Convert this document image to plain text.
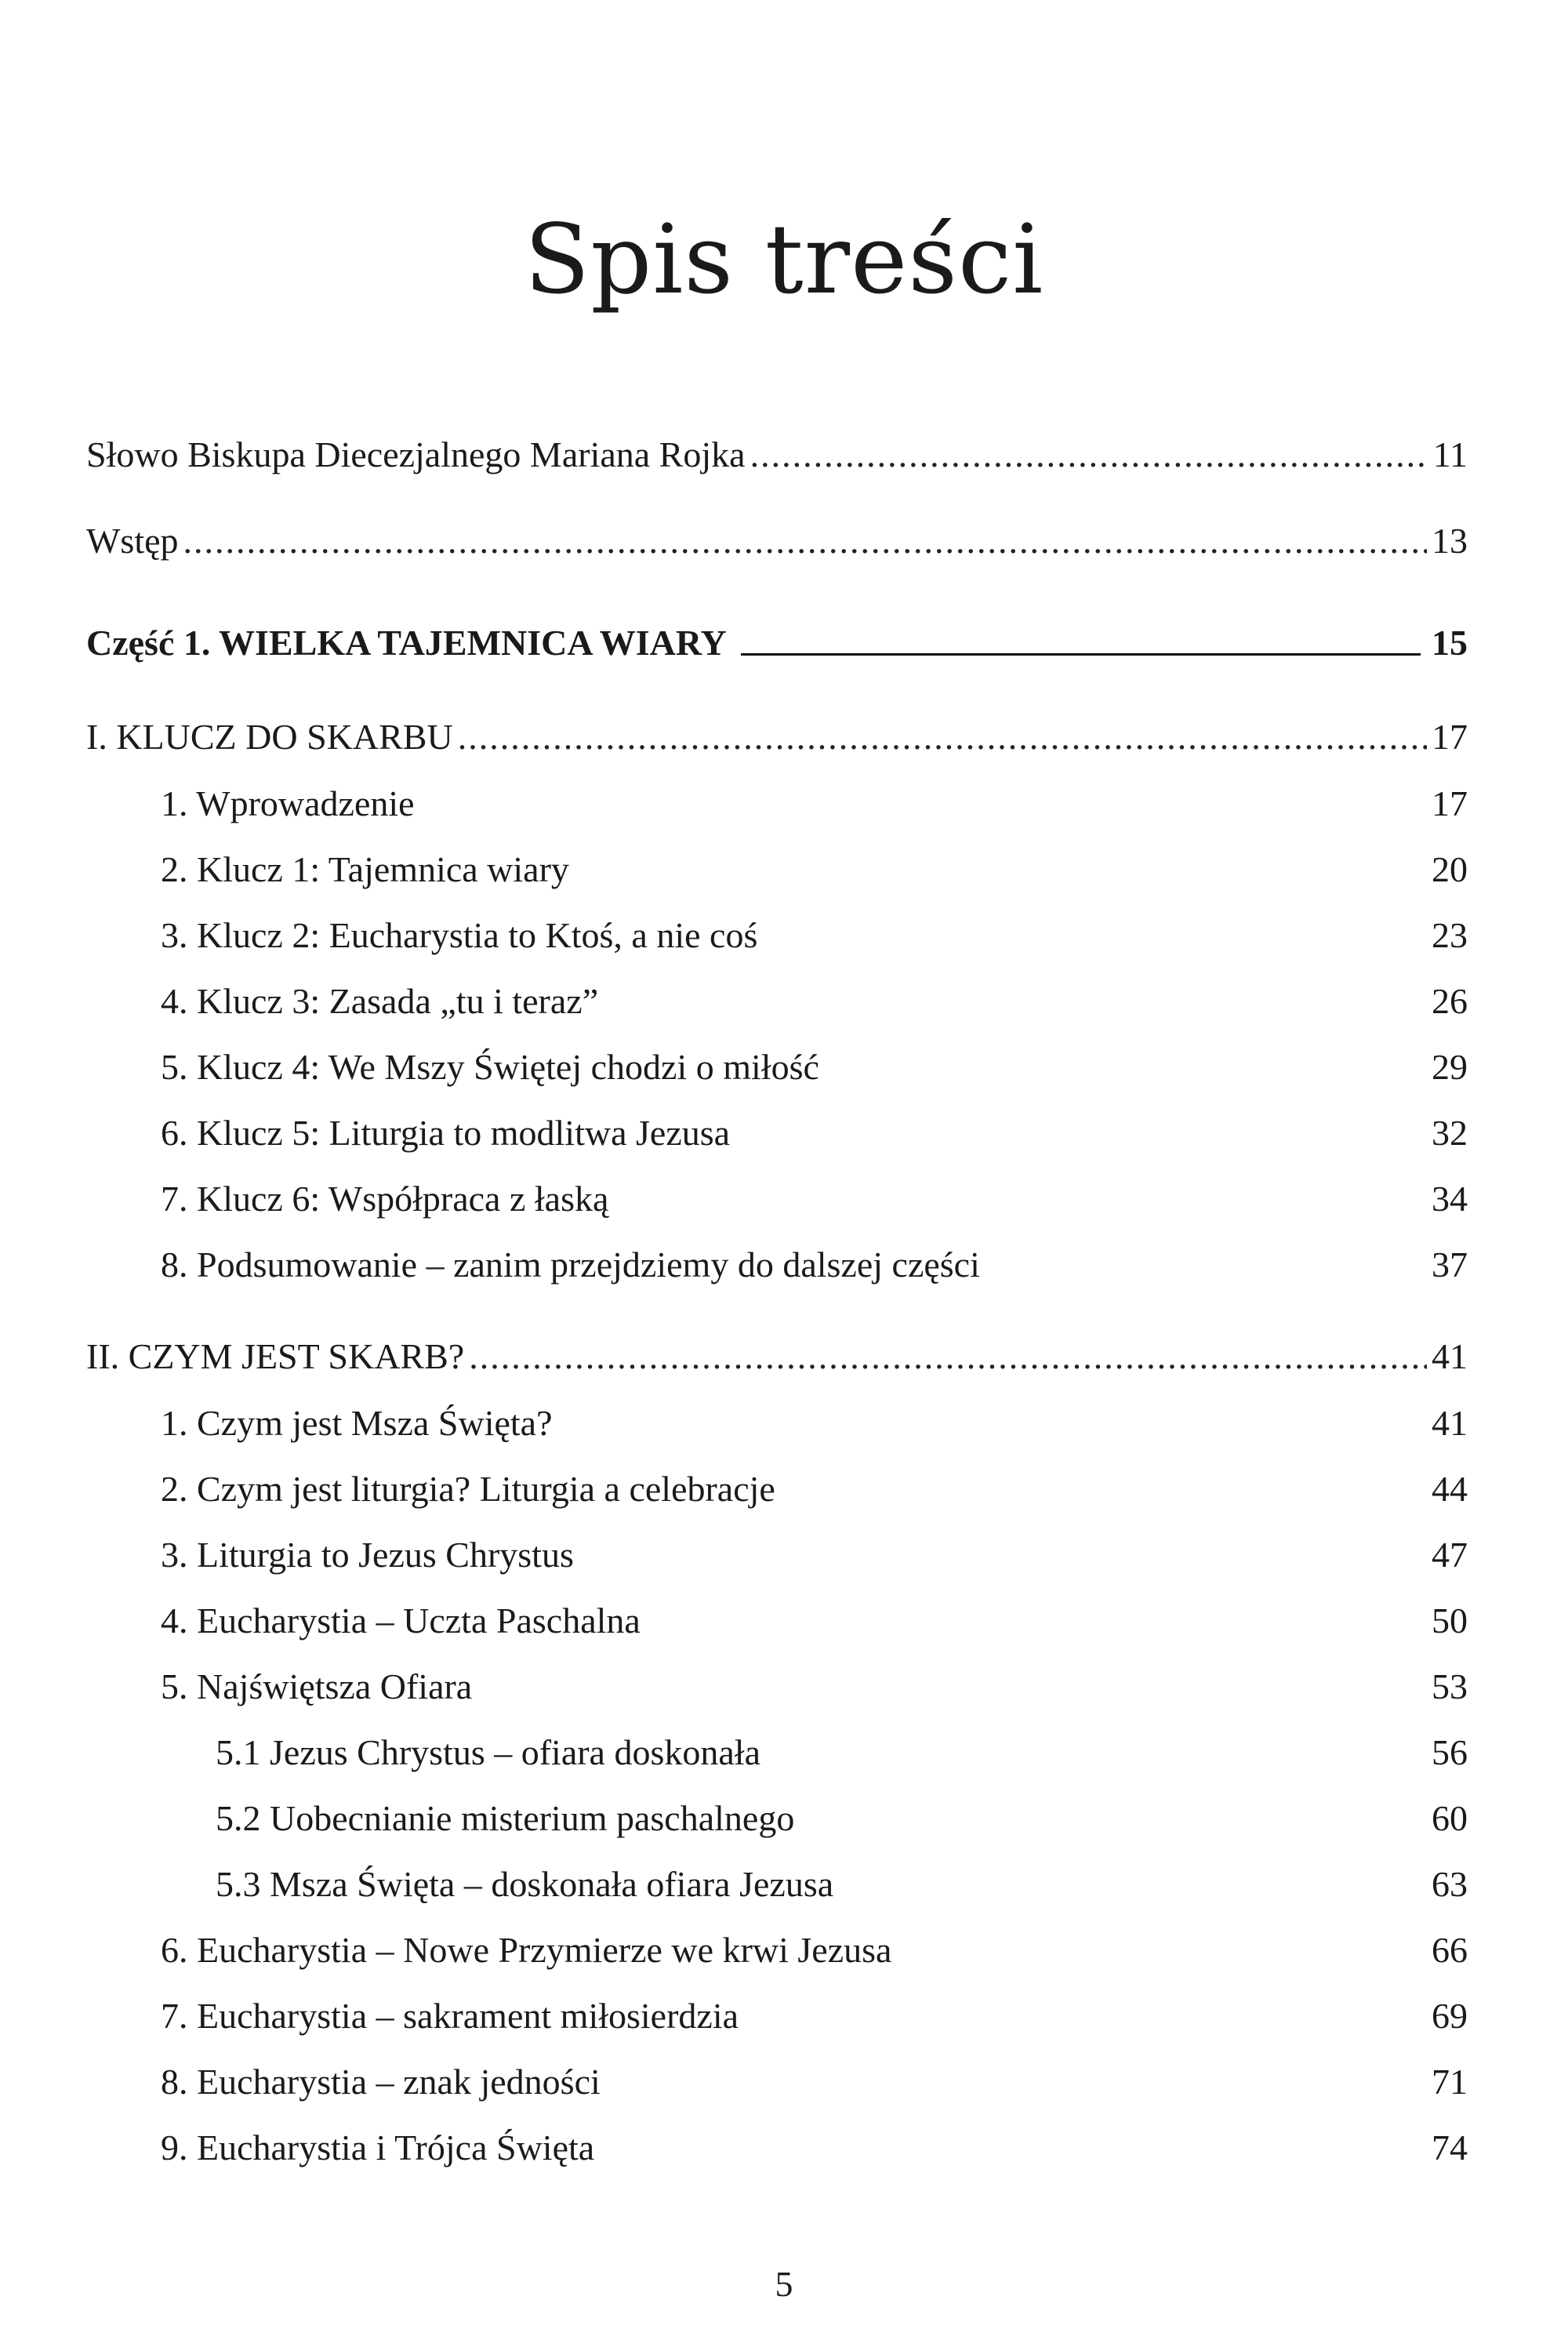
Spis treści
Słowo Biskupa Diecezjalnego Mariana Rojka .....	11
Wstęp .....	13
Część 1. WIELKA TAJEMNICA WIARY	15
I. KLUCZ DO SKARBU .....	17
1. Wprowadzenie	17
2. Klucz 1: Tajemnica wiary	20
3. Klucz 2: Eucharystia to Ktoś, a nie coś	23
4. Klucz 3: Zasada „tu i teraz”	26
5. Klucz 4: We Mszy Świętej chodzi o miłość	29
6. Klucz 5: Liturgia to modlitwa Jezusa	32
7. Klucz 6: Współpraca z łaską	34
8. Podsumowanie – zanim przejdziemy do dalszej części	37
II. CZYM JEST SKARB? .....	41
1. Czym jest Msza Święta?	41
2. Czym jest liturgia? Liturgia a celebracje	44
3. Liturgia to Jezus Chrystus	47
4. Eucharystia – Uczta Paschalna	50
5. Najświętsza Ofiara	53
5.1 Jezus Chrystus – ofiara doskonała	56
5.2 Uobecnianie misterium paschalnego	60
5.3 Msza Święta – doskonała ofiara Jezusa	63
6. Eucharystia – Nowe Przymierze we krwi Jezusa	66
7. Eucharystia – sakrament miłosierdzia	69
8. Eucharystia – znak jedności	71
9. Eucharystia i Trójca Święta	74
5
